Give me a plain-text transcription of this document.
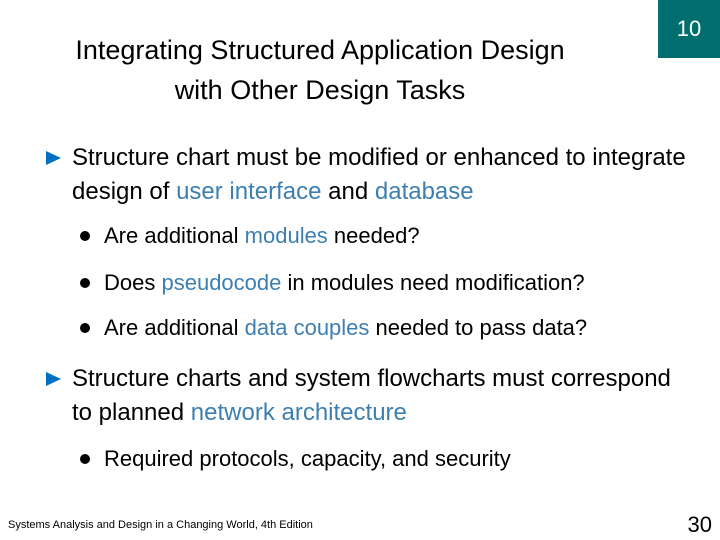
Integrating Structured Application Design
with Other Design Tasks
10
Structure chart must be modified or enhanced to integrate design of user interface and database
Are additional modules needed?
Does pseudocode in modules need modification?
Are additional data couples needed to pass data?
Structure charts and system flowcharts must correspond to planned network architecture
Required protocols, capacity, and security
Systems Analysis and Design in a Changing World, 4th Edition	30
